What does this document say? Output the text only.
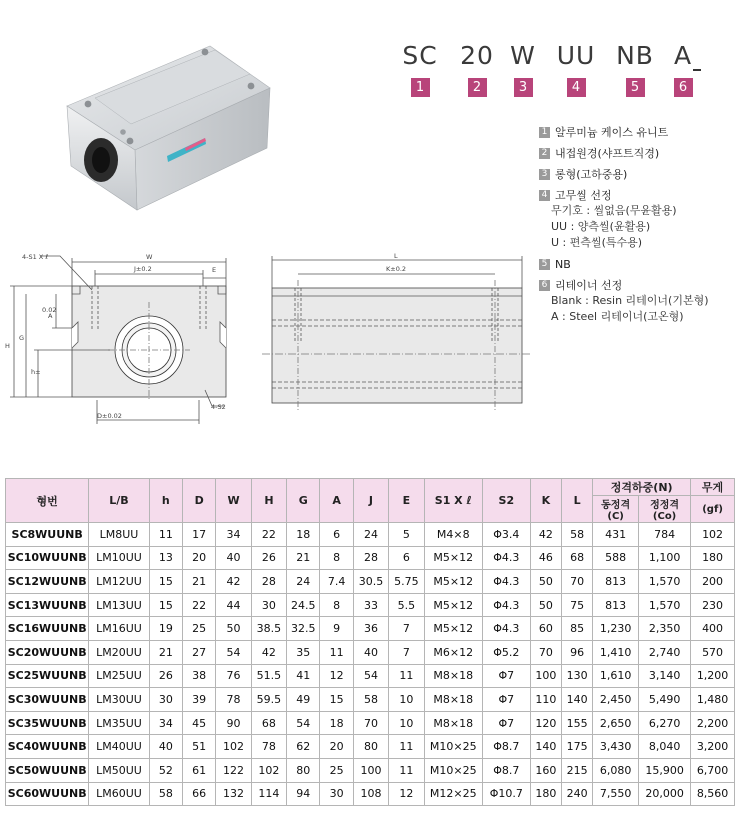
SC
1
20
2
W
3
UU
4
NB
5
A
6
1 알루미늄 케이스 유니트
2 내접원경(샤프트직경)
3 롱형(고하중용)
4 고무씰 선정
무기호 : 씰없음(무윤활용)
UU : 양측씰(윤활용)
U : 편측씰(특수용)
5 NB
6 리테이너 선정
Blank : Resin 리테이너(기본형)
A : Steel 리테이너(고온형)
4-S1 X ℓ	W
J±0.2	E
H
G
h±
A
0.02
4-S2
D±0.02
L
K±0.2
형번	L/B	h	D	W	H	G	A	J	E	S1 X ℓ	S2	K	L	정격하중(N)		무게
														동정격(C)	정정격(Co)	(gf)
SC8WUUNB	LM8UU	11	17	34	22	18	6	24	5	M4×8	Φ3.4	42	58	431	784	102
SC10WUUNB	LM10UU	13	20	40	26	21	8	28	6	M5×12	Φ4.3	46	68	588	1,100	180
SC12WUUNB	LM12UU	15	21	42	28	24	7.4	30.5	5.75	M5×12	Φ4.3	50	70	813	1,570	200
SC13WUUNB	LM13UU	15	22	44	30	24.5	8	33	5.5	M5×12	Φ4.3	50	75	813	1,570	230
SC16WUUNB	LM16UU	19	25	50	38.5	32.5	9	36	7	M5×12	Φ4.3	60	85	1,230	2,350	400
SC20WUUNB	LM20UU	21	27	54	42	35	11	40	7	M6×12	Φ5.2	70	96	1,410	2,740	570
SC25WUUNB	LM25UU	26	38	76	51.5	41	12	54	11	M8×18	Φ7	100	130	1,610	3,140	1,200
SC30WUUNB	LM30UU	30	39	78	59.5	49	15	58	10	M8×18	Φ7	110	140	2,450	5,490	1,480
SC35WUUNB	LM35UU	34	45	90	68	54	18	70	10	M8×18	Φ7	120	155	2,650	6,270	2,200
SC40WUUNB	LM40UU	40	51	102	78	62	20	80	11	M10×25	Φ8.7	140	175	3,430	8,040	3,200
SC50WUUNB	LM50UU	52	61	122	102	80	25	100	11	M10×25	Φ8.7	160	215	6,080	15,900	6,700
SC60WUUNB	LM60UU	58	66	132	114	94	30	108	12	M12×25	Φ10.7	180	240	7,550	20,000	8,560
